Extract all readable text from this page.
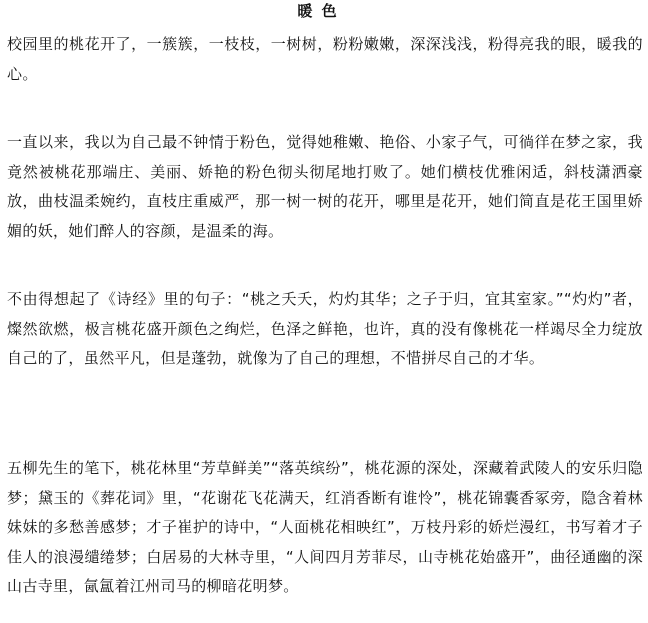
暖 色

校园里的桃花开了，一簇簇，一枝枝，一树树，粉粉嫩嫩，深深浅浅，粉得亮我的眼，暖我的心。

一直以来，我以为自己最不钟情于粉色，觉得她稚嫩、艳俗、小家子气，可徜徉在梦之家，我竟然被桃花那端庄、美丽、娇艳的粉色彻头彻尾地打败了。她们横枝优雅闲适，斜枝潇洒豪放，曲枝温柔婉约，直枝庄重威严，那一树一树的花开，哪里是花开，她们简直是花王国里娇媚的妖，她们醉人的容颜，是温柔的海。

不由得想起了《诗经》里的句子：“桃之夭夭，灼灼其华；之子于归，宜其室家。”“灼灼”者，燦然欲燃，极言桃花盛开颜色之绚烂，色泽之鲜艳，也许，真的没有像桃花一样竭尽全力绽放自己的了，虽然平凡，但是蓬勃，就像为了自己的理想，不惜拼尽自己的才华。

五柳先生的笔下，桃花林里“芳草鲜美”“落英缤纷”，桃花源的深处，深藏着武陵人的安乐归隐梦；黛玉的《葬花词》里，“花谢花飞花满天，红消香断有谁怜”，桃花锦囊香冢旁，隐含着林妹妹的多愁善感梦；才子崔护的诗中，“人面桃花相映红”，万枝丹彩的娇烂漫红，书写着才子佳人的浪漫缱绻梦；白居易的大林寺里，“人间四月芳菲尽，山寺桃花始盛开”，曲径通幽的深山古寺里，氤氲着江州司马的柳暗花明梦。
